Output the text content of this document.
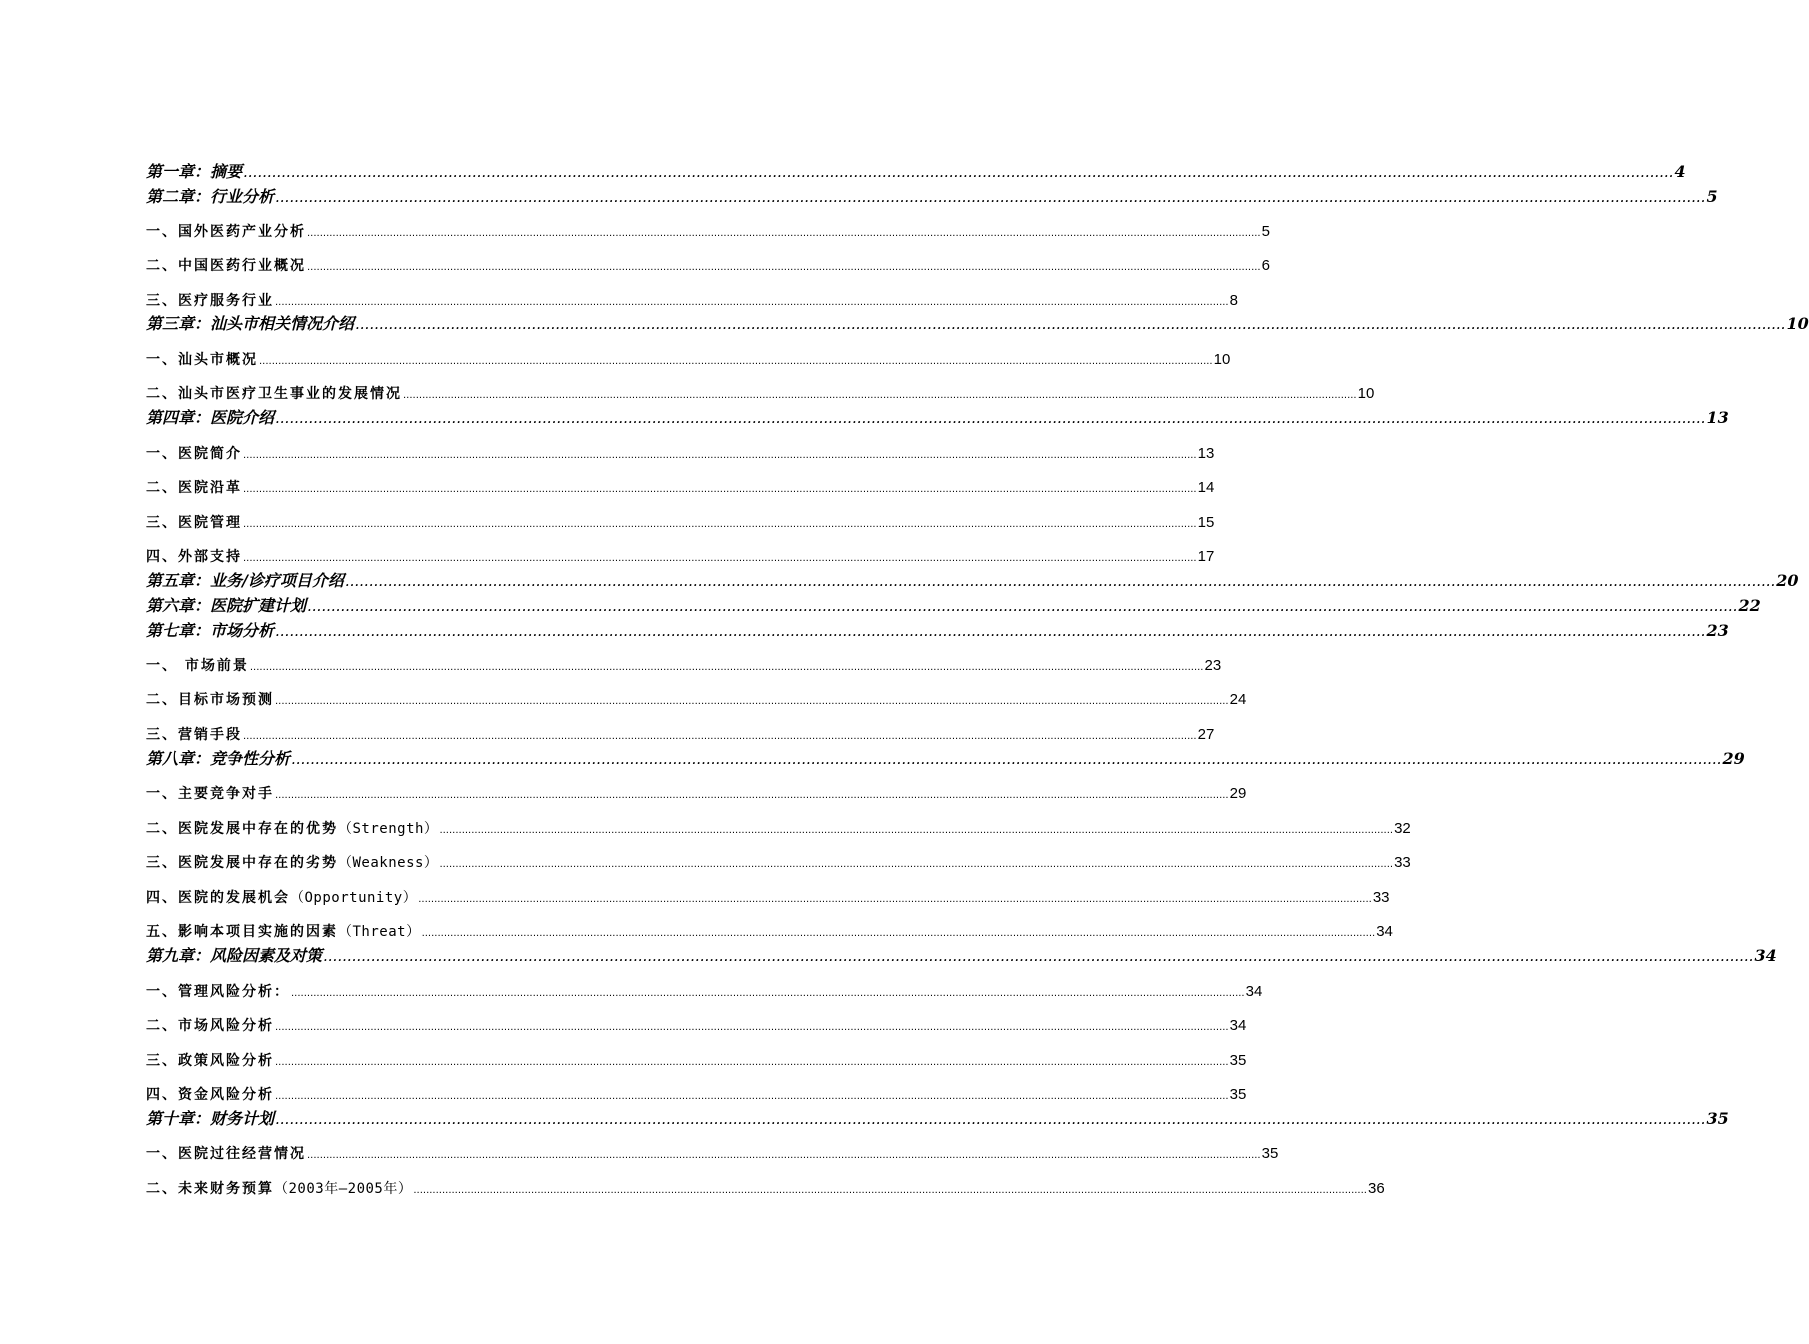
第一章：摘要 ............................................................................................................................................................................................................................................................................................................ 4
第二章：行业分析 ............................................................................................................................................................................................................................................................................................................ 5
一、国外医药产业分析 ............................................................................................................................................................................................................................................................................................................ 5
二、中国医药行业概况 ............................................................................................................................................................................................................................................................................................................ 6
三、医疗服务行业 ............................................................................................................................................................................................................................................................................................................ 8
第三章：汕头市相关情况介绍 ............................................................................................................................................................................................................................................................................................................ 10
一、汕头市概况 ............................................................................................................................................................................................................................................................................................................ 10
二、汕头市医疗卫生事业的发展情况 ............................................................................................................................................................................................................................................................................................................ 10
第四章：医院介绍 ............................................................................................................................................................................................................................................................................................................ 13
一、医院简介 ............................................................................................................................................................................................................................................................................................................ 13
二、医院沿革 ............................................................................................................................................................................................................................................................................................................ 14
三、医院管理 ............................................................................................................................................................................................................................................................................................................ 15
四、外部支持 ............................................................................................................................................................................................................................................................................................................ 17
第五章：业务/诊疗项目介绍 ............................................................................................................................................................................................................................................................................................................ 20
第六章：医院扩建计划 ............................................................................................................................................................................................................................................................................................................ 22
第七章：市场分析 ............................................................................................................................................................................................................................................................................................................ 23
一、 市场前景 ............................................................................................................................................................................................................................................................................................................ 23
二、目标市场预测 ............................................................................................................................................................................................................................................................................................................ 24
三、营销手段 ............................................................................................................................................................................................................................................................................................................ 27
第八章：竞争性分析 ............................................................................................................................................................................................................................................................................................................ 29
一、主要竞争对手 ............................................................................................................................................................................................................................................................................................................ 29
二、医院发展中存在的优势 （Strength） ............................................................................................................................................................................................................................................................................................................ 32
三、医院发展中存在的劣势 （Weakness） ............................................................................................................................................................................................................................................................................................................ 33
四、医院的发展机会 （Opportunity） ............................................................................................................................................................................................................................................................................................................ 33
五、影响本项目实施的因素 （Threat） ............................................................................................................................................................................................................................................................................................................ 34
第九章：风险因素及对策 ............................................................................................................................................................................................................................................................................................................ 34
一、管理风险分析： ............................................................................................................................................................................................................................................................................................................ 34
二、市场风险分析 ............................................................................................................................................................................................................................................................................................................ 34
三、政策风险分析 ............................................................................................................................................................................................................................................................................................................ 35
四、资金风险分析 ............................................................................................................................................................................................................................................................................................................ 35
第十章：财务计划 ............................................................................................................................................................................................................................................................................................................ 35
一、医院过往经营情况 ............................................................................................................................................................................................................................................................................................................ 35
二、未来财务预算 （2003年—2005年） ............................................................................................................................................................................................................................................................................................................ 36
